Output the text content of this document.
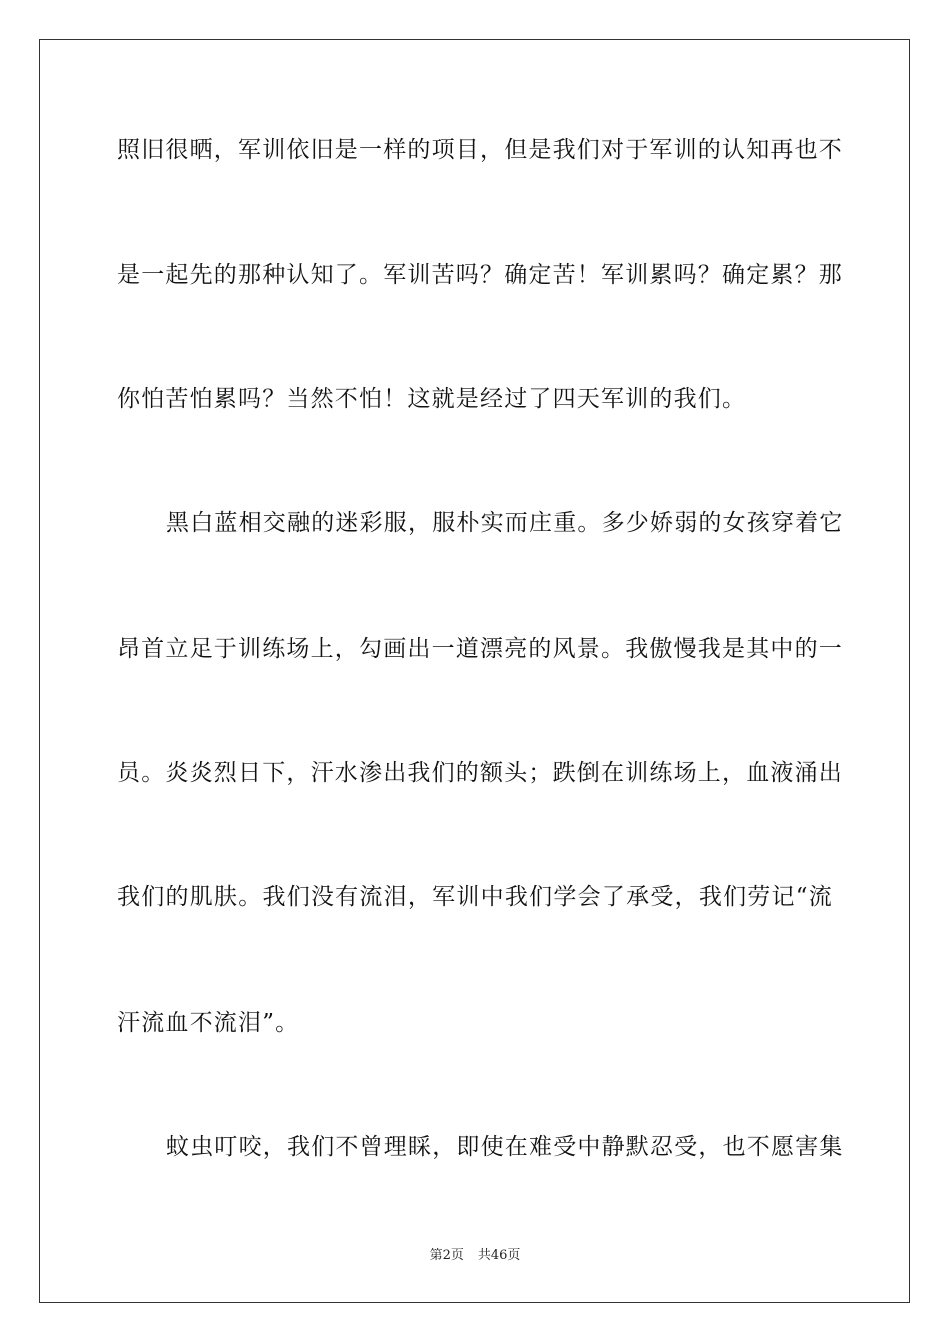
照旧很晒，军训依旧是一样的项目，但是我们对于军训的认知再也不
是一起先的那种认知了。军训苦吗？确定苦！军训累吗？确定累？那
你怕苦怕累吗？当然不怕！这就是经过了四天军训的我们。
黑白蓝相交融的迷彩服，服朴实而庄重。多少娇弱的女孩穿着它
昂首立足于训练场上，勾画出一道漂亮的风景。我傲慢我是其中的一
员。炎炎烈日下，汗水渗出我们的额头；跌倒在训练场上，血液涌出
我们的肌肤。我们没有流泪，军训中我们学会了承受，我们劳记“流
汗流血不流泪”。
蚊虫叮咬，我们不曾理睬，即使在难受中静默忍受，也不愿害集
第2页 共46页
